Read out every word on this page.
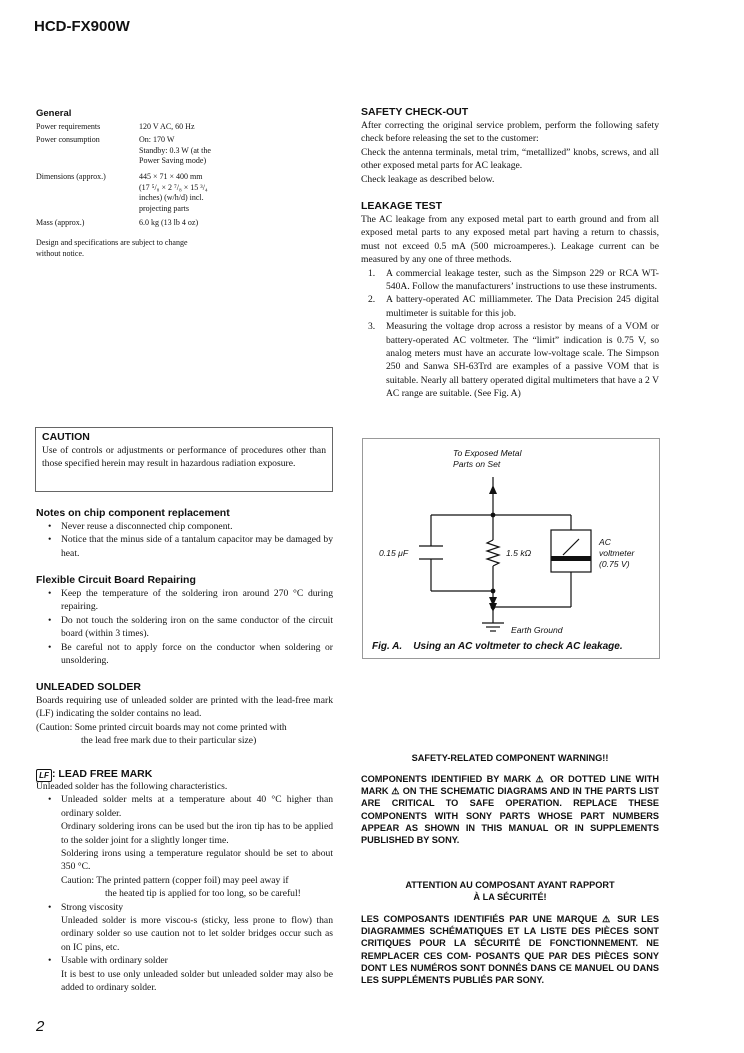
HCD-FX900W
2
General
Power requirements	120 V AC, 60 Hz
Power consumption	On: 170 W
Standby: 0.3 W (at the
Power Saving mode)
Dimensions (approx.)	445 × 71 × 400 mm
(17 ⁵/₈ × 2 ⁷/₈ × 15 ³/₄
inches) (w/h/d) incl.
projecting parts
Mass (approx.)	6.0 kg (13 lb 4 oz)
Design and specifications are subject to change
without notice.
CAUTION
Use of controls or adjustments or performance of procedures other than those specified herein may result in hazardous radiation exposure.
Notes on chip component replacement
• Never reuse a disconnected chip component.
• Notice that the minus side of a tantalum capacitor may be damaged by heat.
Flexible Circuit Board Repairing
• Keep the temperature of the soldering iron around 270 °C during repairing.
• Do not touch the soldering iron on the same conductor of the circuit board (within 3 times).
• Be careful not to apply force on the conductor when soldering or unsoldering.
UNLEADED SOLDER
Boards requiring use of unleaded solder are printed with the lead-free mark (LF) indicating the solder contains no lead.
(Caution: Some printed circuit boards may not come printed with
the lead free mark due to their particular size)
LF : LEAD FREE MARK
Unleaded solder has the following characteristics.
• Unleaded solder melts at a temperature about 40 °C higher than ordinary solder.
Ordinary soldering irons can be used but the iron tip has to be applied to the solder joint for a slightly longer time.
Soldering irons using a temperature regulator should be set to about 350 °C.
Caution: The printed pattern (copper foil) may peel away if
the heated tip is applied for too long, so be careful!
• Strong viscosity
Unleaded solder is more viscou-s (sticky, less prone to flow) than ordinary solder so use caution not to let solder bridges occur such as on IC pins, etc.
• Usable with ordinary solder
It is best to use only unleaded solder but unleaded solder may also be added to ordinary solder.
SAFETY CHECK-OUT
After correcting the original service problem, perform the following safety check before releasing the set to the customer:
Check the antenna terminals, metal trim, “metallized” knobs, screws, and all other exposed metal parts for AC leakage.
Check leakage as described below.
LEAKAGE TEST
The AC leakage from any exposed metal part to earth ground and from all exposed metal parts to any exposed metal part having a return to chassis, must not exceed 0.5 mA (500 microamperes.). Leakage current can be measured by any one of three methods.
1. A commercial leakage tester, such as the Simpson 229 or RCA WT-540A. Follow the manufacturers’ instructions to use these instruments.
2. A battery-operated AC milliammeter. The Data Precision 245 digital multimeter is suitable for this job.
3. Measuring the voltage drop across a resistor by means of a VOM or battery-operated AC voltmeter. The “limit” indication is 0.75 V, so analog meters must have an accurate low-voltage scale. The Simpson 250 and Sanwa SH-63Trd are examples of a passive VOM that is suitable. Nearly all battery operated digital multimeters that have a 2 V AC range are suitable. (See Fig. A)
To Exposed Metal
Parts on Set
0.15 μF	1.5 kΩ
AC
voltmeter
(0.75 V)
Earth Ground
Fig. A.    Using an AC voltmeter to check AC leakage.
SAFETY-RELATED COMPONENT WARNING!!
COMPONENTS IDENTIFIED BY MARK ⚠ OR DOTTED LINE WITH MARK ⚠ ON THE SCHEMATIC DIAGRAMS AND IN THE PARTS LIST ARE CRITICAL TO SAFE OPERATION. REPLACE THESE COMPONENTS WITH SONY PARTS WHOSE PART NUMBERS APPEAR AS SHOWN IN THIS MANUAL OR IN SUPPLEMENTS PUBLISHED BY SONY.
ATTENTION AU COMPOSANT AYANT RAPPORT
À LA SÉCURITÉ!
LES COMPOSANTS IDENTIFIÉS PAR UNE MARQUE ⚠ SUR LES DIAGRAMMES SCHÉMATIQUES ET LA LISTE DES PIÈCES SONT CRITIQUES POUR LA SÉCURITÉ DE FONCTIONNEMENT. NE REMPLACER CES COM- POSANTS QUE PAR DES PIÈCES SONY DONT LES NUMÉROS SONT DONNÉS DANS CE MANUEL OU DANS LES SUPPLÉMENTS PUBLIÉS PAR SONY.
